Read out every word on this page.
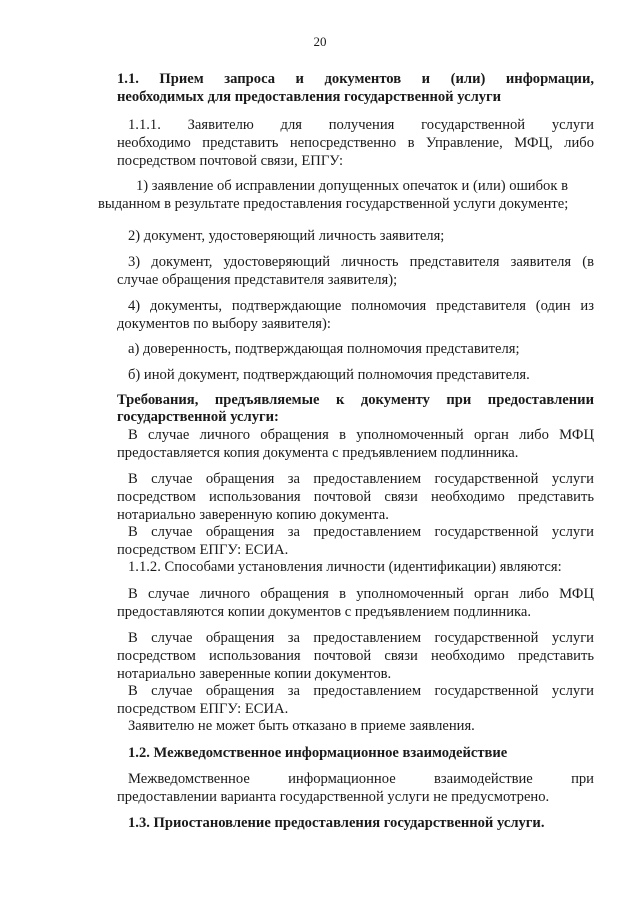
20
1.1. Прием запроса и документов и (или) информации,
необходимых для предоставления государственной услуги
1.1.1. Заявителю для получения государственной услуги
необходимо представить непосредственно в Управление, МФЦ, либо
посредством почтовой связи, ЕПГУ:
1) заявление об исправлении допущенных опечаток и (или) ошибок в
выданном в результате предоставления государственной услуги документе;
2) документ, удостоверяющий личность заявителя;
3) документ, удостоверяющий личность представителя заявителя (в
случае обращения представителя заявителя);
4) документы, подтверждающие полномочия представителя (один из
документов по выбору заявителя):
а) доверенность, подтверждающая полномочия представителя;
б) иной документ, подтверждающий полномочия представителя.
Требования, предъявляемые к документу при предоставлении
государственной услуги:
В случае личного обращения в уполномоченный орган либо МФЦ
предоставляется копия документа с предъявлением подлинника.
В случае обращения за предоставлением государственной услуги
посредством использования почтовой связи необходимо представить
нотариально заверенную копию документа.
В случае обращения за предоставлением государственной услуги
посредством ЕПГУ: ЕСИА.
1.1.2. Способами установления личности (идентификации) являются:
В случае личного обращения в уполномоченный орган либо МФЦ
предоставляются копии документов с предъявлением подлинника.
В случае обращения за предоставлением государственной услуги
посредством использования почтовой связи необходимо представить
нотариально заверенные копии документов.
В случае обращения за предоставлением государственной услуги
посредством ЕПГУ: ЕСИА.
Заявителю не может быть отказано в приеме заявления.
1.2. Межведомственное информационное взаимодействие
Межведомственное информационное взаимодействие при
предоставлении варианта государственной услуги не предусмотрено.
1.3. Приостановление предоставления государственной услуги.
